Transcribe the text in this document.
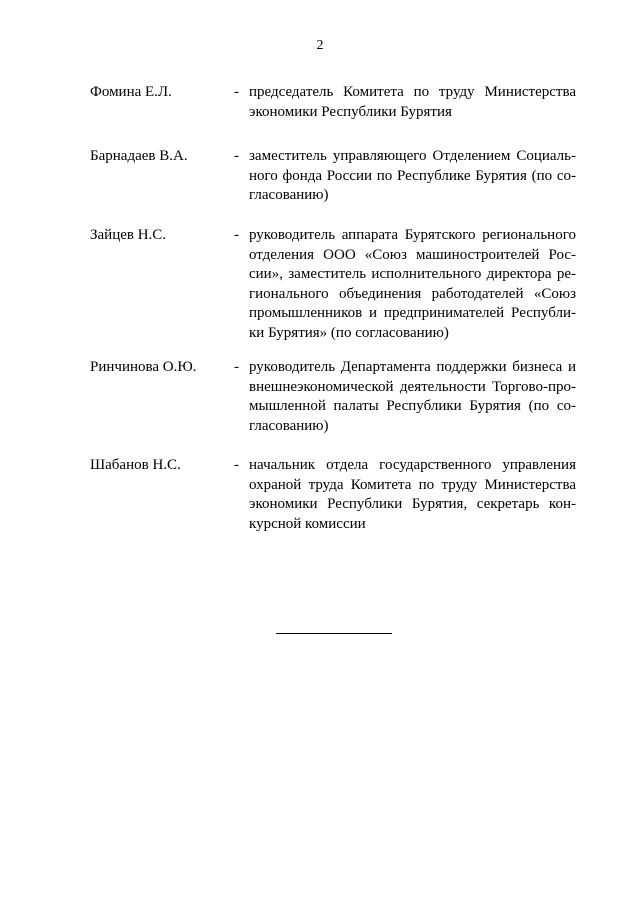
2
Фомина Е.Л.	- председатель Комитета по труду Министерства экономики Республики Бурятия
Барнадаев В.А.	- заместитель управляющего Отделением Социального фонда России по Республике Бурятия (по согласованию)
Зайцев Н.С.	- руководитель аппарата Бурятского регионального отделения ООО «Союз машиностроителей России», заместитель исполнительного директора регионального объединения работодателей «Союз промышленников и предпринимателей Республики Бурятия» (по согласованию)
Ринчинова О.Ю. - руководитель Департамента поддержки бизнеса и внешнеэкономической деятельности Торгово-промышленной палаты Республики Бурятия (по согласованию)
Шабанов Н.С.	- начальник отдела государственного управления охраной труда Комитета по труду Министерства экономики Республики Бурятия, секретарь конкурсной комиссии
